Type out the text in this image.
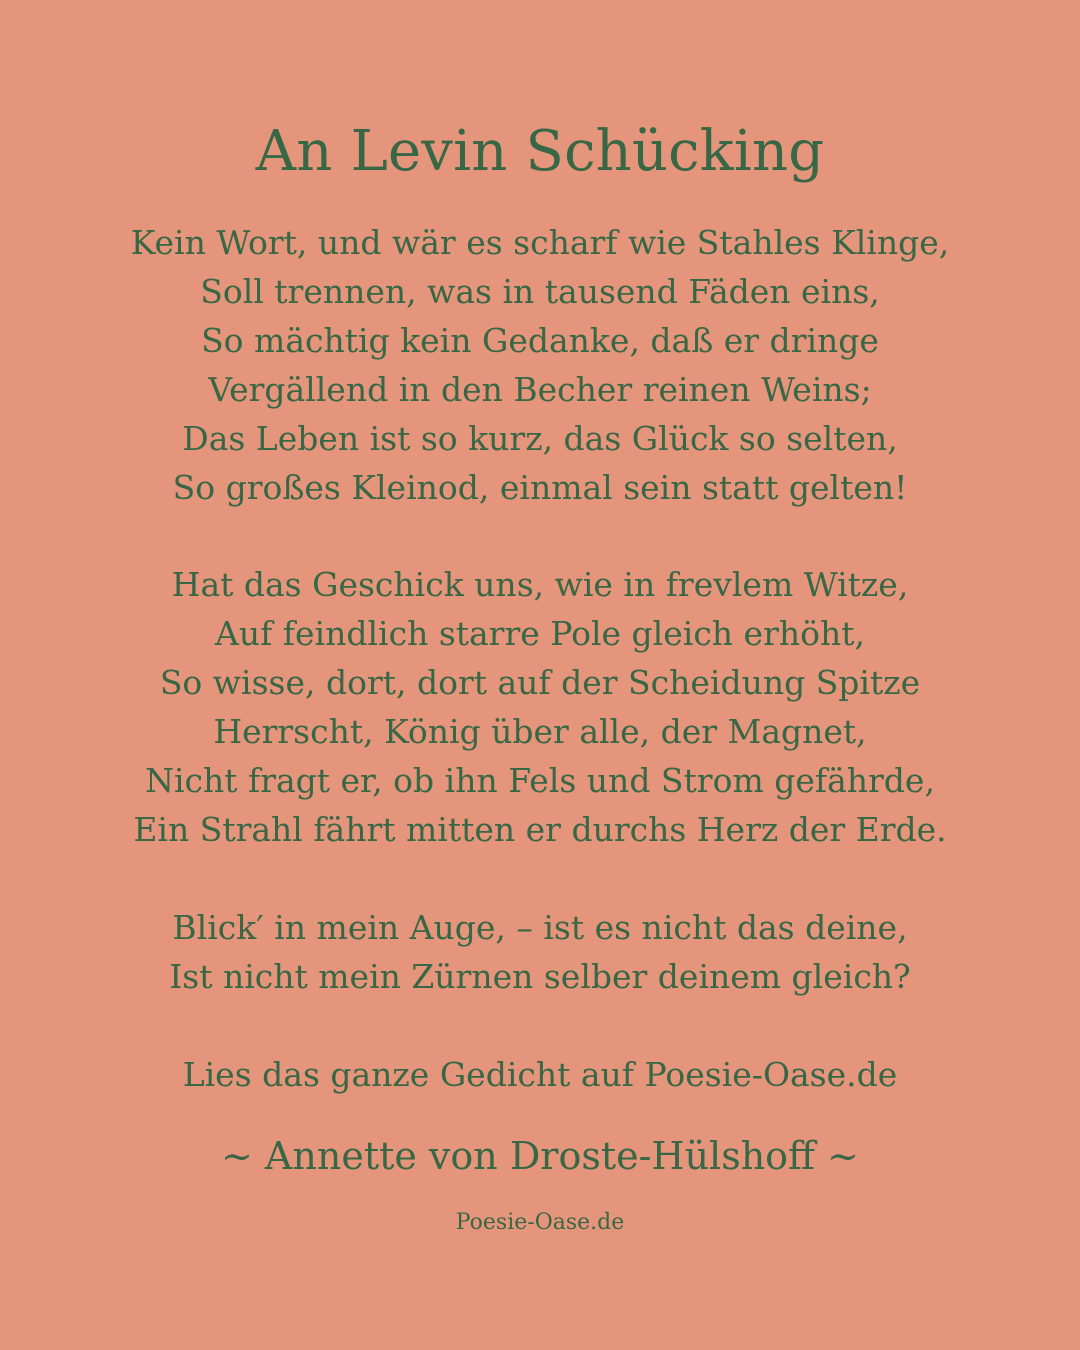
An Levin Schücking
Kein Wort, und wär es scharf wie Stahles Klinge,
Soll trennen, was in tausend Fäden eins,
So mächtig kein Gedanke, daß er dringe
Vergällend in den Becher reinen Weins;
Das Leben ist so kurz, das Glück so selten,
So großes Kleinod, einmal sein statt gelten!
Hat das Geschick uns, wie in frevlem Witze,
Auf feindlich starre Pole gleich erhöht,
So wisse, dort, dort auf der Scheidung Spitze
Herrscht, König über alle, der Magnet,
Nicht fragt er, ob ihn Fels und Strom gefährde,
Ein Strahl fährt mitten er durchs Herz der Erde.
Blick′ in mein Auge, – ist es nicht das deine,
Ist nicht mein Zürnen selber deinem gleich?
Lies das ganze Gedicht auf Poesie-Oase.de
~ Annette von Droste-Hülshoff ~
Poesie-Oase.de
